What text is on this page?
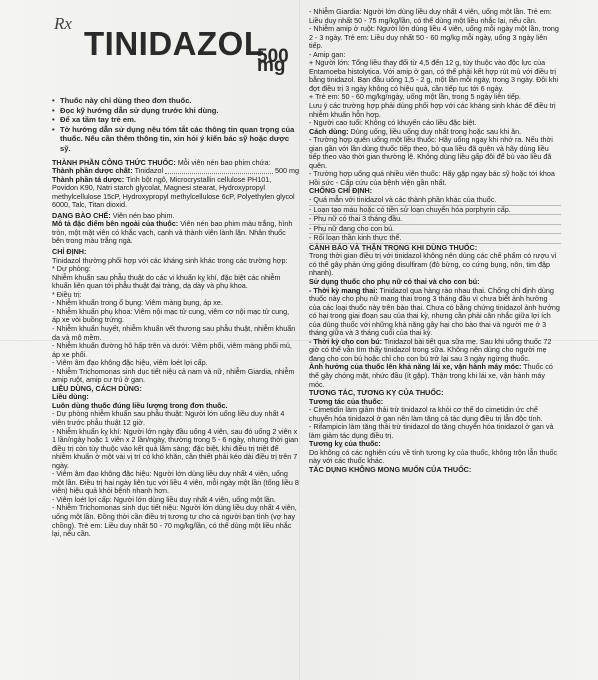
Rx
TINIDAZOL
500 mg
• Thuốc này chỉ dùng theo đơn thuốc.
• Đọc kỹ hướng dẫn sử dụng trước khi dùng.
• Để xa tầm tay trẻ em.
• Tờ hướng dẫn sử dụng nêu tóm tắt các thông tin quan trọng của thuốc. Nếu cần thêm thông tin, xin hỏi ý kiến bác sỹ hoặc dược sỹ.

THÀNH PHẦN CÔNG THỨC THUỐC: Mỗi viên nén bao phim chứa:

Thành phần dược chất:
Tinidazol	500 mg

Thành phần tá dược: Tinh bột ngô, Microcrystallin cellulose PH101, Povidon K90, Natri starch glycolat, Magnesi stearat, Hydroxypropyl methylcellulose 15cP, Hydroxypropyl methylcellulose 6cP, Polyethylen glycol 6000, Talc, Titan dioxid.

DẠNG BÀO CHẾ: Viên nén bao phim.

Mô tả đặc điểm bên ngoài của thuốc: Viên nén bao phim màu trắng, hình tròn, một mặt viên có khắc vạch, cạnh và thành viên lành lặn. Nhân thuốc bên trong màu trắng ngà.

CHỈ ĐỊNH:

Tinidazol thường phối hợp với các kháng sinh khác trong các trường hợp:

* Dự phòng:

Nhiễm khuẩn sau phẫu thuật do các vi khuẩn kỵ khí, đặc biệt các nhiễm khuẩn liên quan tới phẫu thuật đại tràng, dạ dày và phụ khoa.

* Điều trị:

- Nhiễm khuẩn trong ổ bụng: Viêm màng bụng, áp xe.

- Nhiễm khuẩn phụ khoa: Viêm nội mạc tử cung, viêm cơ nội mạc tử cung, áp xe vòi buồng trứng.

- Nhiễm khuẩn huyết, nhiễm khuẩn vết thương sau phẫu thuật, nhiễm khuẩn da và mô mềm.

- Nhiễm khuẩn đường hô hấp trên và dưới: Viêm phổi, viêm màng phổi mủ, áp xe phổi.

- Viêm âm đạo không đặc hiệu, viêm loét lợi cấp.

- Nhiễm Trichomonas sinh dục tiết niệu cả nam và nữ, nhiễm Giardia, nhiễm amip ruột, amip cư trú ở gan.

LIỀU DÙNG, CÁCH DÙNG:

Liều dùng:

Luôn dùng thuốc đúng liều lượng trong đơn thuốc.

- Dự phòng nhiễm khuẩn sau phẫu thuật: Người lớn uống liều duy nhất 4 viên trước phẫu thuật 12 giờ.

- Nhiễm khuẩn kỵ khí: Người lớn ngày đầu uống 4 viên, sau đó uống 2 viên x 1 lần/ngày hoặc 1 viên x 2 lần/ngày, thường trong 5 - 6 ngày, nhưng thời gian điều trị còn tùy thuộc vào kết quả lâm sàng; đặc biệt, khi điều trị triệt để nhiễm khuẩn ở một vài vị trí có khó khăn, cần thiết phải kéo dài điều trị trên 7 ngày.

- Viêm âm đạo không đặc hiệu: Người lớn dùng liều duy nhất 4 viên, uống một lần. Điều trị hai ngày liên tục với liều 4 viên, mỗi ngày một lần (tổng liều 8 viên) hiệu quả khỏi bệnh nhanh hơn.

- Viêm loét lợi cấp: Người lớn dùng liều duy nhất 4 viên, uống một lần.

- Nhiễm Trichomonas sinh dục tiết niệu: Người lớn dùng liều duy nhất 4 viên, uống một lần. Đồng thời cần điều trị tương tự cho cả người bạn tình (vợ hay chồng). Trẻ em: Liều duy nhất 50 - 70 mg/kg/lần, có thể dùng một liều nhắc lại, nếu cần.

- Nhiễm Giardia: Người lớn dùng liều duy nhất 4 viên, uống một lần. Trẻ em: Liều duy nhất 50 - 75 mg/kg/lần, có thể dùng một liều nhắc lại, nếu cần.

- Nhiễm amip ở ruột: Người lớn dùng liều 4 viên, uống mỗi ngày một lần, trong 2 - 3 ngày. Trẻ em: Liều duy nhất 50 - 60 mg/kg mỗi ngày, uống 3 ngày liên tiếp.

- Amip gan:

+ Người lớn: Tổng liều thay đổi từ 4,5 đến 12 g, tùy thuộc vào độc lực của Entamoeba histolytica. Với amip ở gan, có thể phải kết hợp rút mủ với điều trị bằng tinidazol. Bạn đầu uống 1,5 - 2 g, một lần mỗi ngày, trong 3 ngày. Đôi khi đợt điều trị 3 ngày không có hiệu quả, cần tiếp tục tới 6 ngày.

+ Trẻ em: 50 - 60 mg/kg/ngày, uống một lần, trong 5 ngày liên tiếp.

Lưu ý các trường hợp phải dùng phối hợp với các kháng sinh khác để điều trị nhiễm khuẩn hỗn hợp.

- Người cao tuổi: Không có khuyến cáo liều đặc biệt.

Cách dùng: Dùng uống, liều uống duy nhất trong hoặc sau khi ăn.

- Trường hợp quên uống một liều thuốc: Hãy uống ngay khi nhớ ra. Nếu thời gian gần với lần dùng thuốc tiếp theo, bỏ qua liều đã quên và hãy dùng liều tiếp theo vào thời gian thường lệ. Không dùng liều gấp đôi để bù vào liều đã quên.

- Trường hợp uống quá nhiều viên thuốc: Hãy gặp ngay bác sỹ hoặc tới khoa Hồi sức - Cấp cứu của bệnh viện gần nhất.

CHỐNG CHỈ ĐỊNH:

- Quá mẫn với tinidazol và các thành phần khác của thuốc.

- Loạn tạo máu hoặc có tiền sử loạn chuyển hóa porphyrin cấp.

- Phụ nữ có thai 3 tháng đầu.

- Phụ nữ đang cho con bú.

- Rối loạn thần kinh thực thể.

CẢNH BÁO VÀ THẬN TRỌNG KHI DÙNG THUỐC:

Trong thời gian điều trị với tinidazol không nên dùng các chế phẩm có rượu vì có thể gây phản ứng giống disulfiram (đỏ bừng, co cứng bụng, nôn, tim đập nhanh).

Sử dụng thuốc cho phụ nữ có thai và cho con bú:

- Thời kỳ mang thai: Tinidazol qua hàng rào nhau thai. Chống chỉ định dùng thuốc này cho phụ nữ mang thai trong 3 tháng đầu vì chưa biết ảnh hưởng của các loại thuốc này trên bào thai. Chưa có bằng chứng tinidazol ảnh hưởng có hại trong giai đoạn sau của thai kỳ, nhưng cần phải cân nhắc giữa lợi ích của dùng thuốc với những khả năng gây hại cho bào thai và người mẹ ở 3 tháng giữa và 3 tháng cuối của thai kỳ.

- Thời kỳ cho con bú: Tinidazol bài tiết qua sữa mẹ. Sau khi uống thuốc 72 giờ có thể vẫn tìm thấy tinidazol trong sữa. Không nên dùng cho người mẹ đang cho con bú hoặc chỉ cho con bú trở lại sau 3 ngày ngừng thuốc.

Ảnh hưởng của thuốc lên khả năng lái xe, vận hành máy móc: Thuốc có thể gây chóng mặt, nhức đầu (ít gặp). Thận trọng khi lái xe, vận hành máy móc.

TƯƠNG TÁC, TƯƠNG KỴ CỦA THUỐC:

Tương tác của thuốc:

- Cimetidin làm giảm thải trừ tinidazol ra khỏi cơ thể do cimetidin ức chế chuyển hóa tinidazol ở gan nên làm tăng cả tác dụng điều trị lẫn độc tính.

- Rifampicin làm tăng thải trừ tinidazol do tăng chuyển hóa tinidazol ở gan và làm giảm tác dụng điều trị.

Tương kỵ của thuốc:

Do không có các nghiên cứu về tính tương kỵ của thuốc, không trộn lẫn thuốc này với các thuốc khác.

TÁC DỤNG KHÔNG MONG MUỐN CỦA THUỐC:
